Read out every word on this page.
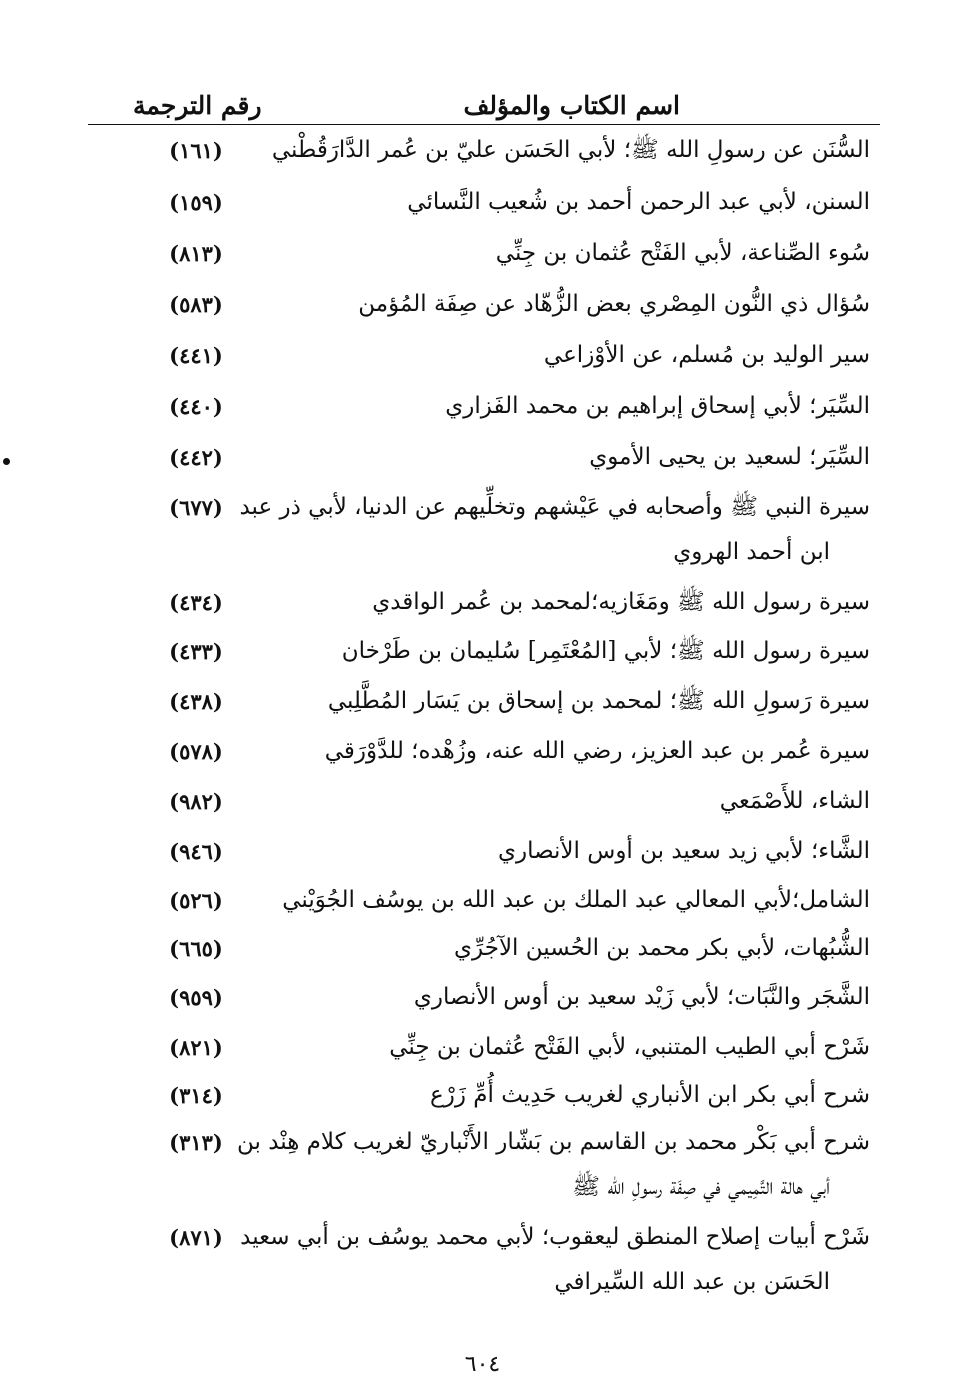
اسم الكتاب والمؤلف
رقم الترجمة
السُّنَن عن رسولِ الله ﷺ؛ لأبي الحَسَن عليّ بن عُمر الدَّارَقُطْني
(١٦١)
السنن، لأبي عبد الرحمن أحمد بن شُعيب النَّسائي
(١٥٩)
سُوء الصِّناعة، لأبي الفَتْح عُثمان بن جِنِّي
(٨١٣)
سُؤال ذي النُّون المِصْري بعض الزُّهّاد عن صِفَة المُؤمن
(٥٨٣)
سير الوليد بن مُسلم، عن الأوْزاعي
(٤٤١)
السِّيَر؛ لأبي إسحاق إبراهيم بن محمد الفَزاري
(٤٤٠)
السِّيَر؛ لسعيد بن يحيى الأموي
(٤٤٢)
سيرة النبي ﷺ وأصحابه في عَيْشهم وتخلِّيهم عن الدنيا، لأبي ذر عبد
ابن أحمد الهروي
(٦٧٧)
سيرة رسول الله ﷺ ومَغَازيه؛لمحمد بن عُمر الواقدي
(٤٣٤)
سيرة رسول الله ﷺ؛ لأبي [المُعْتَمِر] سُليمان بن طَرْخان
(٤٣٣)
سيرة رَسولِ الله ﷺ؛ لمحمد بن إسحاق بن يَسَار المُطَّلِبي
(٤٣٨)
سيرة عُمر بن عبد العزيز، رضي الله عنه، وزُهْده؛ للدَّوْرَقي
(٥٧٨)
الشاء، للأَصْمَعي
(٩٨٢)
الشَّاء؛ لأبي زيد سعيد بن أوس الأنصاري
(٩٤٦)
الشامل؛لأبي المعالي عبد الملك بن عبد الله بن يوسُف الجُوَيْني
(٥٢٦)
الشُّبُهات، لأبي بكر محمد بن الحُسين الآجُرِّي
(٦٦٥)
الشَّجَر والنَّبَات؛ لأبي زَيْد سعيد بن أوس الأنصاري
(٩٥٩)
شَرْح أبي الطيب المتنبي، لأبي الفَتْح عُثمان بن جِنِّي
(٨٢١)
شرح أبي بكر ابن الأنباري لغريب حَدِيث أُمِّ زَرْع
(٣١٤)
شرح أبي بَكْر محمد بن القاسم بن بَشّار الأَنْباريّ لغريب كلام هِنْد بن
أبي هالة التَّمِيمي في صِفَة رسولِ الله ﷺ
(٣١٣)
شَرْح أبيات إصلاح المنطق ليعقوب؛ لأبي محمد يوسُف بن أبي سعيد
الحَسَن بن عبد الله السِّيرافي
(٨٧١)
٦٠٤
